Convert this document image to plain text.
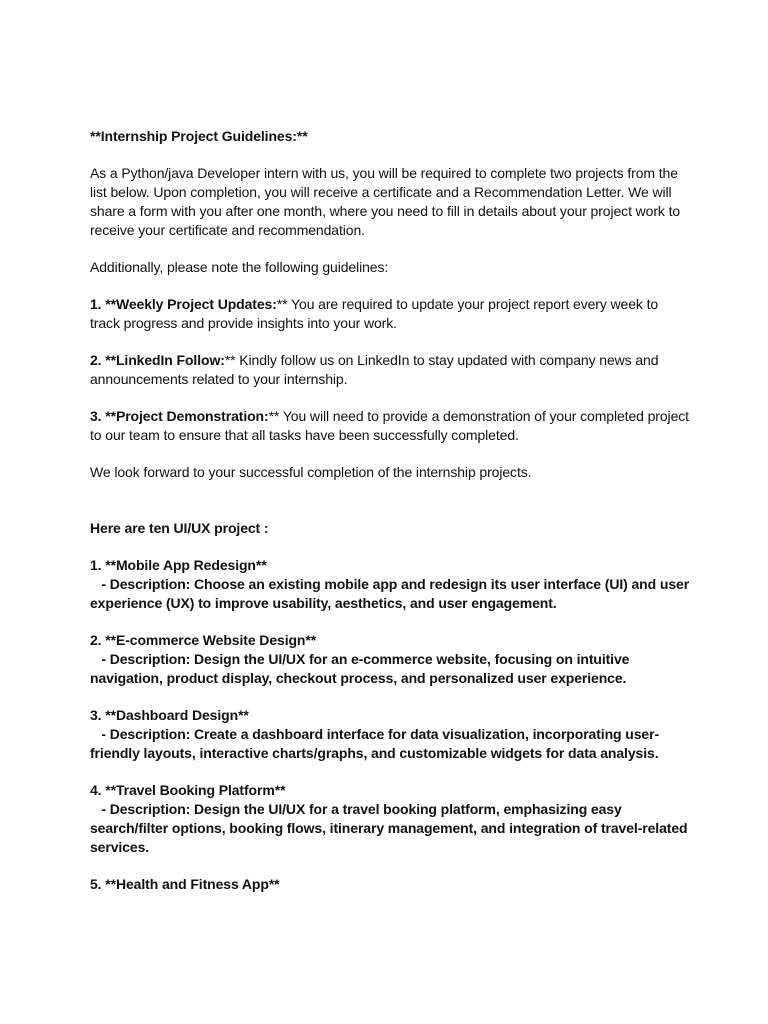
**Internship Project Guidelines:**

As a Python/java Developer intern with us, you will be required to complete two projects from the list below. Upon completion, you will receive a certificate and a Recommendation Letter. We will share a form with you after one month, where you need to fill in details about your project work to receive your certificate and recommendation.

Additionally, please note the following guidelines:

1. **Weekly Project Updates:** You are required to update your project report every week to track progress and provide insights into your work.

2. **LinkedIn Follow:** Kindly follow us on LinkedIn to stay updated with company news and announcements related to your internship.

3. **Project Demonstration:** You will need to provide a demonstration of your completed project to our team to ensure that all tasks have been successfully completed.

We look forward to your successful completion of the internship projects.

Here are ten UI/UX project :

1. **Mobile App Redesign**

- Description: Choose an existing mobile app and redesign its user interface (UI) and user experience (UX) to improve usability, aesthetics, and user engagement.

2. **E-commerce Website Design**

- Description: Design the UI/UX for an e-commerce website, focusing on intuitive navigation, product display, checkout process, and personalized user experience.

3. **Dashboard Design**

- Description: Create a dashboard interface for data visualization, incorporating user-friendly layouts, interactive charts/graphs, and customizable widgets for data analysis.

4. **Travel Booking Platform**

- Description: Design the UI/UX for a travel booking platform, emphasizing easy search/filter options, booking flows, itinerary management, and integration of travel-related services.

5. **Health and Fitness App**
